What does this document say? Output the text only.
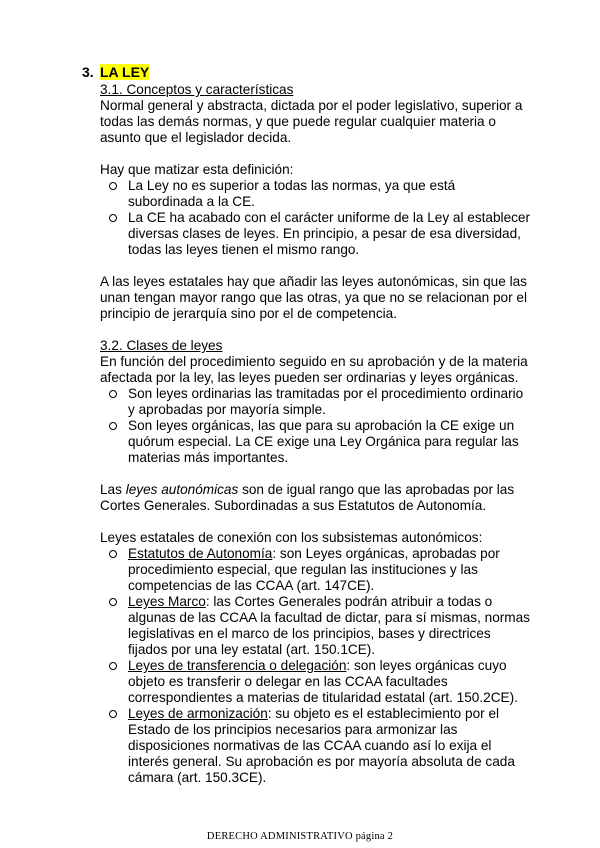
3. LA LEY

3.1. Conceptos y características

Normal general y abstracta, dictada por el poder legislativo, superior a todas las demás normas, y que puede regular cualquier materia o asunto que el legislador decida.

Hay que matizar esta definición:

La Ley no es superior a todas las normas, ya que está subordinada a la CE.
La CE ha acabado con el carácter uniforme de la Ley al establecer diversas clases de leyes. En principio, a pesar de esa diversidad, todas las leyes tienen el mismo rango.

A las leyes estatales hay que añadir las leyes autonómicas, sin que las unan tengan mayor rango que las otras, ya que no se relacionan por el principio de jerarquía sino por el de competencia.

3.2. Clases de leyes

En función del procedimiento seguido en su aprobación y de la materia afectada por la ley, las leyes pueden ser ordinarias y leyes orgánicas.

Son leyes ordinarias las tramitadas por el procedimiento ordinario y aprobadas por mayoría simple.
Son leyes orgánicas, las que para su aprobación la CE exige un quórum especial. La CE exige una Ley Orgánica para regular las materias más importantes.

Las leyes autonómicas son de igual rango que las aprobadas por las Cortes Generales. Subordinadas a sus Estatutos de Autonomía.

Leyes estatales de conexión con los subsistemas autonómicos:

Estatutos de Autonomía: son Leyes orgánicas, aprobadas por procedimiento especial, que regulan las instituciones y las competencias de las CCAA (art. 147CE).
Leyes Marco: las Cortes Generales podrán atribuir a todas o algunas de las CCAA la facultad de dictar, para sí mismas, normas legislativas en el marco de los principios, bases y directrices fijados por una ley estatal (art. 150.1CE).
Leyes de transferencia o delegación: son leyes orgánicas cuyo objeto es transferir o delegar en las CCAA facultades correspondientes a materias de titularidad estatal (art. 150.2CE).
Leyes de armonización: su objeto es el establecimiento por el Estado de los principios necesarios para armonizar las disposiciones normativas de las CCAA cuando así lo exija el interés general. Su aprobación es por mayoría absoluta de cada cámara (art. 150.3CE).
DERECHO ADMINISTRATIVO página 2
